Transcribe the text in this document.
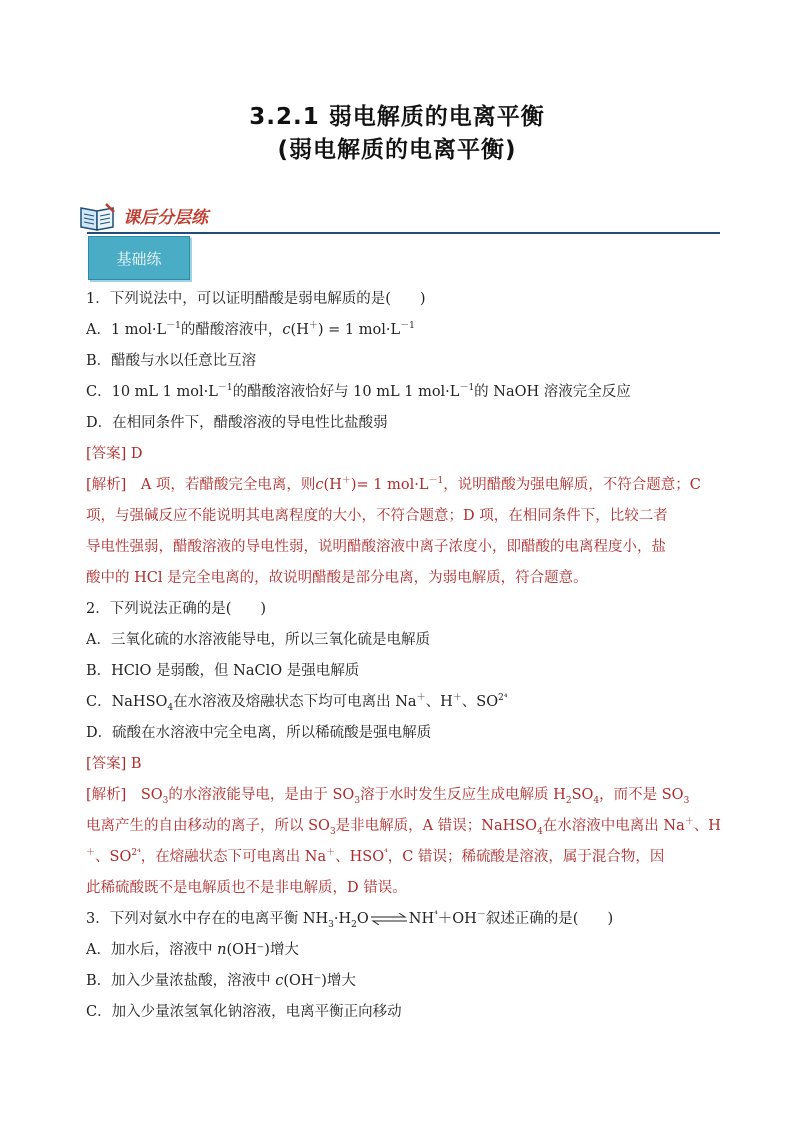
3.2.1 弱电解质的电离平衡
(弱电解质的电离平衡)
课后分层练
基础练
1．下列说法中，可以证明醋酸是弱电解质的是(　　)
A．1 $mol\cdot L^{-1}$的醋酸溶液中，c(H＋) = 1 $mol\cdot L^{-1}$
B．醋酸与水以任意比互溶
C．10 mL 1 $mol\cdot L^{-1}$的醋酸溶液恰好与 10 mL 1 $mol\cdot L^{-1}$的 NaOH 溶液完全反应
D．在相同条件下，醋酸溶液的导电性比盐酸弱
[答案] D
[解析]　 A 项，若醋酸完全电离，则c(H＋)= 1 $mol\cdot L^{-1}$，说明醋酸为强电解质，不符合题意；C
项，与强碱反应不能说明其电离程度的大小，不符合题意；D 项，在相同条件下，比较二者
导电性强弱，醋酸溶液的导电性弱，说明醋酸溶液中离子浓度小，即醋酸的电离程度小，盐
酸中的 HCl 是完全电离的，故说明醋酸是部分电离，为弱电解质，符合题意。
2．下列说法正确的是(　　)
A．三氧化硫的水溶液能导电，所以三氧化硫是电解质
B．HClO 是弱酸，但 NaClO 是强电解质
C．NaHSO$_4$在水溶液及熔融状态下均可电离出 Na＋、H＋、$SO^{2^4}$
D．硫酸在水溶液中完全电离，所以稀硫酸是强电解质
[答案] B
[解析]　 $SO_3$的水溶液能导电，是由于 $SO_3$溶于水时发生反应生成电解质 $H_2SO_4$，而不是 $SO_3$
电离产生的自由移动的离子，所以 $SO_3$是非电解质，A 错误；NaHSO$_4$在水溶液中电离出 Na＋、H
＋、$SO^{2^4}$，在熔融状态下可电离出 Na＋、$HSO^{^4}$，C 错误；稀硫酸是溶液，属于混合物，因
此稀硫酸既不是电解质也不是非电解质，D 错误。
3．下列对氨水中存在的电离平衡 $NH_3\cdot H_2O\rightleftharpoons NH^{^4}+OH^-$叙述正确的是(　　)
A．加水后，溶液中 n(OH⁻)增大
B．加入少量浓盐酸，溶液中 c(OH⁻)增大
C．加入少量浓氢氧化钠溶液，电离平衡正向移动
